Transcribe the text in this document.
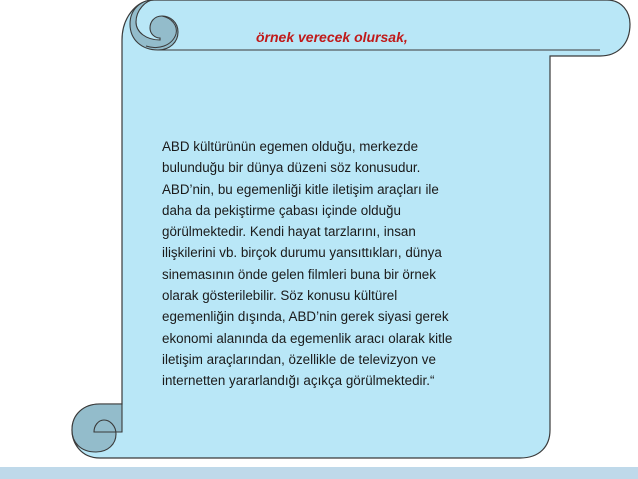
örnek verecek olursak,
ABD kültürünün egemen olduğu, merkezde
bulunduğu bir dünya düzeni söz konusudur.
ABD’nin, bu egemenliği kitle iletişim araçları ile
daha da pekiştirme çabası içinde olduğu
görülmektedir. Kendi hayat tarzlarını, insan
ilişkilerini vb. birçok durumu yansıttıkları, dünya
sinemasının önde gelen filmleri buna bir örnek
olarak gösterilebilir. Söz konusu kültürel
egemenliğin dışında, ABD’nin gerek siyasi gerek
ekonomi alanında da egemenlik aracı olarak kitle
iletişim araçlarından, özellikle de televizyon ve
internetten yararlandığı açıkça görülmektedir.“
